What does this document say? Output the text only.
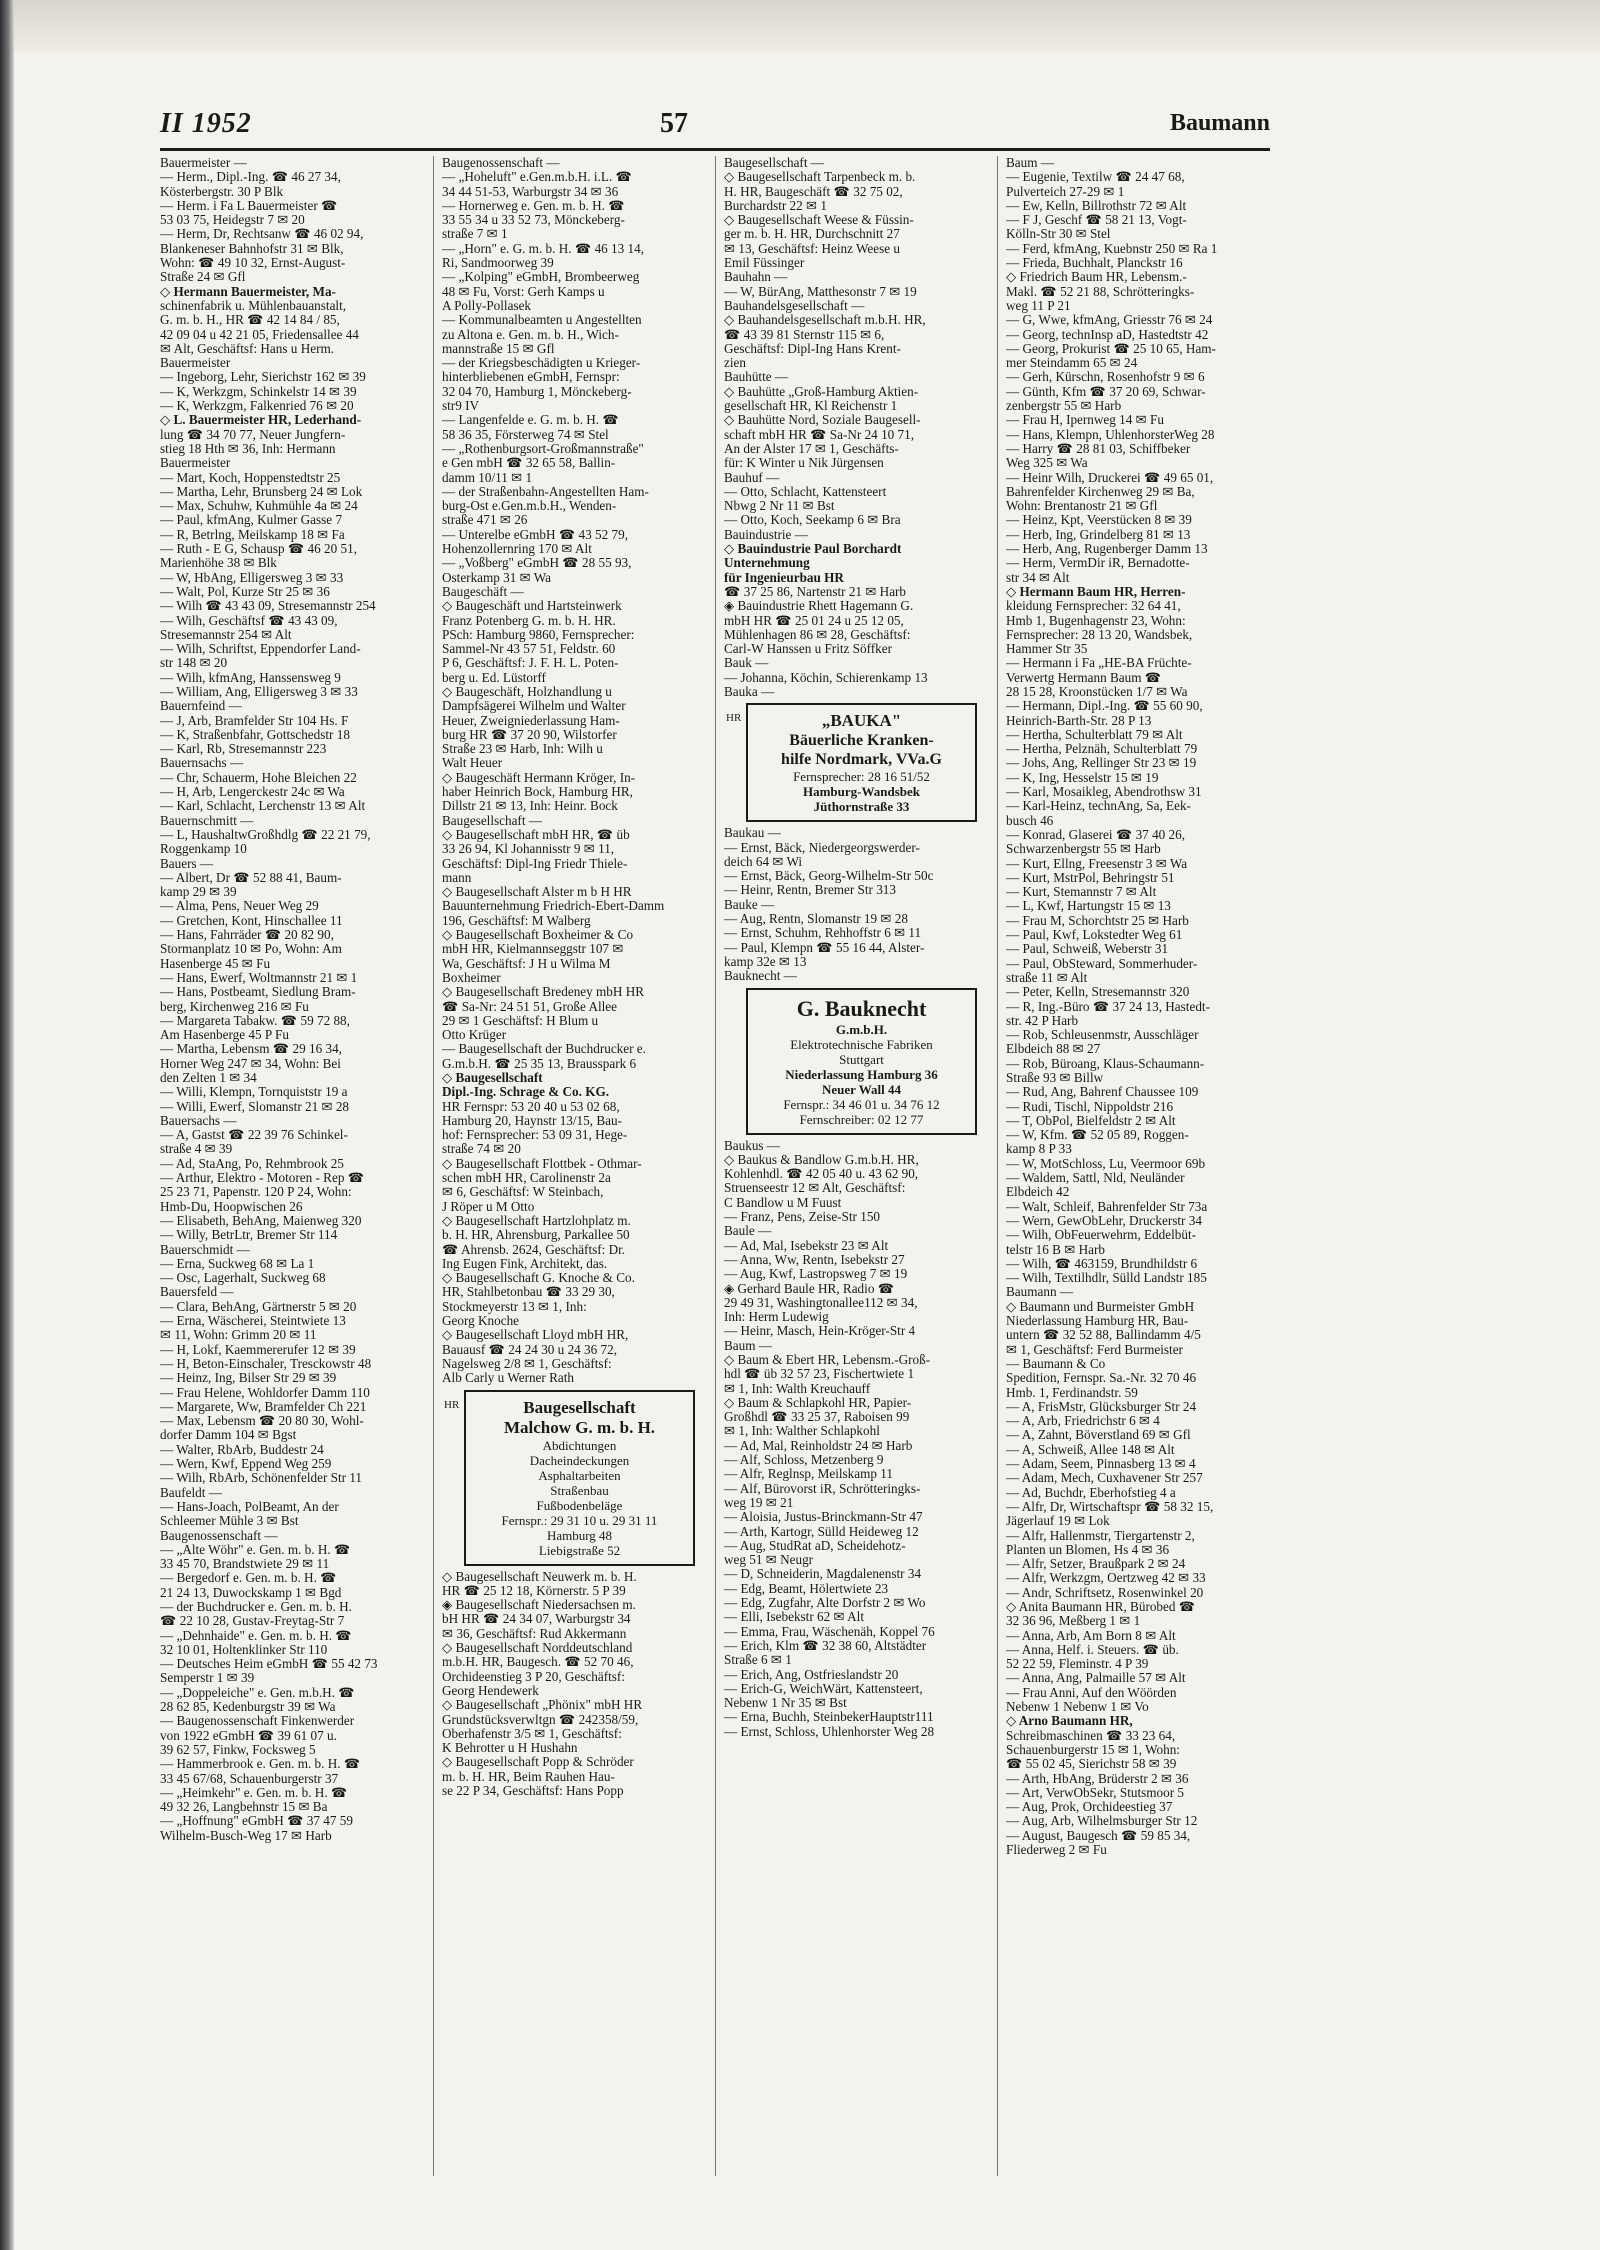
II 1952	57	Baumann
Bauermeister —
— Herm., Dipl.-Ing. ☎ 46 27 34,
Kösterbergstr. 30 P Blk
— Herm. i Fa L Bauermeister ☎
53 03 75, Heidegstr 7 ✉ 20
— Herm, Dr, Rechtsanw ☎ 46 02 94,
Blankeneser Bahnhofstr 31 ✉ Blk,
Wohn: ☎ 49 10 32, Ernst-August-
Straße 24 ✉ Gfl
◇ Hermann Bauermeister, Ma-
schinenfabrik u. Mühlenbauanstalt,
G. m. b. H., HR ☎ 42 14 84 / 85,
42 09 04 u 42 21 05, Friedensallee 44
✉ Alt, Geschäftsf: Hans u Herm.
Bauermeister
— Ingeborg, Lehr, Sierichstr 162 ✉ 39
— K, Werkzgm, Schinkelstr 14 ✉ 39
— K, Werkzgm, Falkenried 76 ✉ 20
◇ L. Bauermeister HR, Lederhand-
lung ☎ 34 70 77, Neuer Jungfern-
stieg 18 Hth ✉ 36, Inh: Hermann
Bauermeister
— Mart, Koch, Hoppenstedtstr 25
— Martha, Lehr, Brunsberg 24 ✉ Lok
— Max, Schuhw, Kuhmühle 4a ✉ 24
— Paul, kfmAng, Kulmer Gasse 7
— R, Betrlng, Meilskamp 18 ✉ Fa
— Ruth - E G, Schausp ☎ 46 20 51,
Marienhöhe 38 ✉ Blk
— W, HbAng, Elligersweg 3 ✉ 33
— Walt, Pol, Kurze Str 25 ✉ 36
— Wilh ☎ 43 43 09, Stresemannstr 254
— Wilh, Geschäftsf ☎ 43 43 09,
Stresemannstr 254 ✉ Alt
— Wilh, Schriftst, Eppendorfer Land-
str 148 ✉ 20
— Wilh, kfmAng, Hanssensweg 9
— William, Ang, Elligersweg 3 ✉ 33
Bauernfeind —
— J, Arb, Bramfelder Str 104 Hs. F
— K, Straßenbfahr, Gottschedstr 18
— Karl, Rb, Stresemannstr 223
Bauernsachs —
— Chr, Schauerm, Hohe Bleichen 22
— H, Arb, Lengerckestr 24c ✉ Wa
— Karl, Schlacht, Lerchenstr 13 ✉ Alt
Bauernschmitt —
— L, HaushaltwGroßhdlg ☎ 22 21 79,
Roggenkamp 10
Bauers —
— Albert, Dr ☎ 52 88 41, Baum-
kamp 29 ✉ 39
— Alma, Pens, Neuer Weg 29
— Gretchen, Kont, Hinschallee 11
— Hans, Fahrräder ☎ 20 82 90,
Stormanplatz 10 ✉ Po, Wohn: Am
Hasenberge 45 ✉ Fu
— Hans, Ewerf, Woltmannstr 21 ✉ 1
— Hans, Postbeamt, Siedlung Bram-
berg, Kirchenweg 216 ✉ Fu
— Margareta Tabakw. ☎ 59 72 88,
Am Hasenberge 45 P Fu
— Martha, Lebensm ☎ 29 16 34,
Horner Weg 247 ✉ 34, Wohn: Bei
den Zelten 1 ✉ 34
— Willi, Klempn, Tornquiststr 19 a
— Willi, Ewerf, Slomanstr 21 ✉ 28
Bauersachs —
— A, Gastst ☎ 22 39 76 Schinkel-
straße 4 ✉ 39
— Ad, StaAng, Po, Rehmbrook 25
— Arthur, Elektro - Motoren - Rep ☎
25 23 71, Papenstr. 120 P 24, Wohn:
Hmb-Du, Hoopwischen 26
— Elisabeth, BehAng, Maienweg 320
— Willy, BetrLtr, Bremer Str 114
Bauerschmidt —
— Erna, Suckweg 68 ✉ La 1
— Osc, Lagerhalt, Suckweg 68
Bauersfeld —
— Clara, BehAng, Gärtnerstr 5 ✉ 20
— Erna, Wäscherei, Steintwiete 13
✉ 11, Wohn: Grimm 20 ✉ 11
— H, Lokf, Kaemmererufer 12 ✉ 39
— H, Beton-Einschaler, Tresckowstr 48
— Heinz, Ing, Bilser Str 29 ✉ 39
— Frau Helene, Wohldorfer Damm 110
— Margarete, Ww, Bramfelder Ch 221
— Max, Lebensm ☎ 20 80 30, Wohl-
dorfer Damm 104 ✉ Bgst
— Walter, RbArb, Buddestr 24
— Wern, Kwf, Eppend Weg 259
— Wilh, RbArb, Schönenfelder Str 11
Baufeldt —
— Hans-Joach, PolBeamt, An der
Schleemer Mühle 3 ✉ Bst
Baugenossenschaft —
— „Alte Wöhr" e. Gen. m. b. H. ☎
33 45 70, Brandstwiete 29 ✉ 11
— Bergedorf e. Gen. m. b. H. ☎
21 24 13, Duwockskamp 1 ✉ Bgd
— der Buchdrucker e. Gen. m. b. H.
☎ 22 10 28, Gustav-Freytag-Str 7
— „Dehnhaide" e. Gen. m. b. H. ☎
32 10 01, Holtenklinker Str 110
— Deutsches Heim eGmbH ☎ 55 42 73
Semperstr 1 ✉ 39
— „Doppeleiche" e. Gen. m.b.H. ☎
28 62 85, Kedenburgstr 39 ✉ Wa
— Baugenossenschaft Finkenwerder
von 1922 eGmbH ☎ 39 61 07 u.
39 62 57, Finkw, Focksweg 5
— Hammerbrook e. Gen. m. b. H. ☎
33 45 67/68, Schauenburgerstr 37
— „Heimkehr" e. Gen. m. b. H. ☎
49 32 26, Langbehnstr 15 ✉ Ba
— „Hoffnung" eGmbH ☎ 37 47 59
Wilhelm-Busch-Weg 17 ✉ Harb
Baugenossenschaft —
— „Hoheluft" e.Gen.m.b.H. i.L. ☎
34 44 51-53, Warburgstr 34 ✉ 36
— Hornerweg e. Gen. m. b. H. ☎
33 55 34 u 33 52 73, Mönckeberg-
straße 7 ✉ 1
— „Horn" e. G. m. b. H. ☎ 46 13 14,
Ri, Sandmoorweg 39
— „Kolping" eGmbH, Brombeerweg
48 ✉ Fu, Vorst: Gerh Kamps u
A Polly-Pollasek
— Kommunalbeamten u Angestellten
zu Altona e. Gen. m. b. H., Wich-
mannstraße 15 ✉ Gfl
— der Kriegsbeschädigten u Krieger-
hinterbliebenen eGmbH, Fernspr:
32 04 70, Hamburg 1, Mönckeberg-
str9 IV
— Langenfelde e. G. m. b. H. ☎
58 36 35, Försterweg 74 ✉ Stel
— „Rothenburgsort-Großmannstraße"
e Gen mbH ☎ 32 65 58, Ballin-
damm 10/11 ✉ 1
— der Straßenbahn-Angestellten Ham-
burg-Ost e.Gen.m.b.H., Wenden-
straße 471 ✉ 26
— Unterelbe eGmbH ☎ 43 52 79,
Hohenzollernring 170 ✉ Alt
— „Voßberg" eGmbH ☎ 28 55 93,
Osterkamp 31 ✉ Wa
Baugeschäft —
◇ Baugeschäft und Hartsteinwerk
Franz Potenberg G. m. b. H. HR.
PSch: Hamburg 9860, Fernsprecher:
Sammel-Nr 43 57 51, Feldstr. 60
P 6, Geschäftsf: J. F. H. L. Poten-
berg u. Ed. Lüstorff
◇ Baugeschäft, Holzhandlung u
Dampfsägerei Wilhelm und Walter
Heuer, Zweigniederlassung Ham-
burg HR ☎ 37 20 90, Wilstorfer
Straße 23 ✉ Harb, Inh: Wilh u
Walt Heuer
◇ Baugeschäft Hermann Kröger, In-
haber Heinrich Bock, Hamburg HR,
Dillstr 21 ✉ 13, Inh: Heinr. Bock
Baugesellschaft —
◇ Baugesellschaft mbH HR, ☎ üb
33 26 94, Kl Johannisstr 9 ✉ 11,
Geschäftsf: Dipl-Ing Friedr Thiele-
mann
◇ Baugesellschaft Alster m b H HR
Bauunternehmung Friedrich-Ebert-Damm
196, Geschäftsf: M Walberg
◇ Baugesellschaft Boxheimer & Co
mbH HR, Kielmannseggstr 107 ✉
Wa, Geschäftsf: J H u Wilma M
Boxheimer
◇ Baugesellschaft Bredeney mbH HR
☎ Sa-Nr: 24 51 51, Große Allee
29 ✉ 1 Geschäftsf: H Blum u
Otto Krüger
— Baugesellschaft der Buchdrucker e.
G.m.b.H. ☎ 25 35 13, Brausspark 6
◇ Baugesellschaft
Dipl.-Ing. Schrage & Co. KG.
HR Fernspr: 53 20 40 u 53 02 68,
Hamburg 20, Haynstr 13/15, Bau-
hof: Fernsprecher: 53 09 31, Hege-
straße 74 ✉ 20
◇ Baugesellschaft Flottbek - Othmar-
schen mbH HR, Carolinenstr 2a
✉ 6, Geschäftsf: W Steinbach,
J Röper u M Otto
◇ Baugesellschaft Hartzlohplatz m.
b. H. HR, Ahrensburg, Parkallee 50
☎ Ahrensb. 2624, Geschäftsf: Dr.
Ing Eugen Fink, Architekt, das.
◇ Baugesellschaft G. Knoche & Co.
HR, Stahlbetonbau ☎ 33 29 30,
Stockmeyerstr 13 ✉ 1, Inh:
Georg Knoche
◇ Baugesellschaft Lloyd mbH HR,
Bauausf ☎ 24 24 30 u 24 36 72,
Nagelsweg 2/8 ✉ 1, Geschäftsf:
Alb Carly u Werner Rath
HR	Baugesellschaft
Malchow G. m. b. H.
Abdichtungen
Dacheindeckungen
Asphaltarbeiten
Straßenbau
Fußbodenbeläge
Fernspr.: 29 31 10 u. 29 31 11
Hamburg 48
Liebigstraße 52
◇ Baugesellschaft Neuwerk m. b. H.
HR ☎ 25 12 18, Körnerstr. 5 P 39
◈ Baugesellschaft Niedersachsen m.
bH HR ☎ 24 34 07, Warburgstr 34
✉ 36, Geschäftsf: Rud Akkermann
◇ Baugesellschaft Norddeutschland
m.b.H. HR, Baugesch. ☎ 52 70 46,
Orchideenstieg 3 P 20, Geschäftsf:
Georg Hendewerk
◇ Baugesellschaft „Phönix" mbH HR
Grundstücksverwltgn ☎ 242358/59,
Oberhafenstr 3/5 ✉ 1, Geschäftsf:
K Behrotter u H Hushahn
◇ Baugesellschaft Popp & Schröder
m. b. H. HR, Beim Rauhen Hau-
se 22 P 34, Geschäftsf: Hans Popp
Baugesellschaft —
◇ Baugesellschaft Tarpenbeck m. b.
H. HR, Baugeschäft ☎ 32 75 02,
Burchardstr 22 ✉ 1
◇ Baugesellschaft Weese & Füssin-
ger m. b. H. HR, Durchschnitt 27
✉ 13, Geschäftsf: Heinz Weese u
Emil Füssinger
Bauhahn —
— W, BürAng, Matthesonstr 7 ✉ 19
Bauhandelsgesellschaft —
◇ Bauhandelsgesellschaft m.b.H. HR,
☎ 43 39 81 Sternstr 115 ✉ 6,
Geschäftsf: Dipl-Ing Hans Krent-
zien
Bauhütte —
◇ Bauhütte „Groß-Hamburg Aktien-
gesellschaft HR, Kl Reichenstr 1
◇ Bauhütte Nord, Soziale Baugesell-
schaft mbH HR ☎ Sa-Nr 24 10 71,
An der Alster 17 ✉ 1, Geschäfts-
für: K Winter u Nik Jürgensen
Bauhuf —
— Otto, Schlacht, Kattensteert
Nbwg 2 Nr 11 ✉ Bst
— Otto, Koch, Seekamp 6 ✉ Bra
Bauindustrie —
◇ Bauindustrie Paul Borchardt
Unternehmung
für Ingenieurbau HR
☎ 37 25 86, Nartenstr 21 ✉ Harb
◈ Bauindustrie Rhett Hagemann G.
mbH HR ☎ 25 01 24 u 25 12 05,
Mühlenhagen 86 ✉ 28, Geschäftsf:
Carl-W Hanssen u Fritz Söffker
Bauk —
— Johanna, Köchin, Schierenkamp 13
Bauka —
HR	„BAUKA"
Bäuerliche Kranken-
hilfe Nordmark, VVa.G
Fernsprecher: 28 16 51/52
Hamburg-Wandsbek
Jüthornstraße 33
Baukau —
— Ernst, Bäck, Niedergeorgswerder-
deich 64 ✉ Wi
— Ernst, Bäck, Georg-Wilhelm-Str 50c
— Heinr, Rentn, Bremer Str 313
Bauke —
— Aug, Rentn, Slomanstr 19 ✉ 28
— Ernst, Schuhm, Rehhoffstr 6 ✉ 11
— Paul, Klempn ☎ 55 16 44, Alster-
kamp 32e ✉ 13
Bauknecht —
G. Bauknecht
G.m.b.H.
Elektrotechnische Fabriken
Stuttgart
Niederlassung Hamburg 36
Neuer Wall 44
Fernspr.: 34 46 01 u. 34 76 12
Fernschreiber: 02 12 77
Baukus —
◇ Baukus & Bandlow G.m.b.H. HR,
Kohlenhdl. ☎ 42 05 40 u. 43 62 90,
Struenseestr 12 ✉ Alt, Geschäftsf:
C Bandlow u M Fuust
— Franz, Pens, Zeise-Str 150
Baule —
— Ad, Mal, Isebekstr 23 ✉ Alt
— Anna, Ww, Rentn, Isebekstr 27
— Aug, Kwf, Lastropsweg 7 ✉ 19
◈ Gerhard Baule HR, Radio ☎
29 49 31, Washingtonallee112 ✉ 34,
Inh: Herm Ludewig
— Heinr, Masch, Hein-Kröger-Str 4
Baum —
◇ Baum & Ebert HR, Lebensm.-Groß-
hdl ☎ üb 32 57 23, Fischertwiete 1
✉ 1, Inh: Walth Kreuchauff
◇ Baum & Schlapkohl HR, Papier-
Großhdl ☎ 33 25 37, Raboisen 99
✉ 1, Inh: Walther Schlapkohl
— Ad, Mal, Reinholdstr 24 ✉ Harb
— Alf, Schloss, Metzenberg 9
— Alfr, Reglnsp, Meilskamp 11
— Alf, Bürovorst iR, Schrötteringks-
weg 19 ✉ 21
— Aloisia, Justus-Brinckmann-Str 47
— Arth, Kartogr, Sülld Heideweg 12
— Aug, StudRat aD, Scheidehotz-
weg 51 ✉ Neugr
— D, Schneiderin, Magdalenenstr 34
— Edg, Beamt, Hölertwiete 23
— Edg, Zugfahr, Alte Dorfstr 2 ✉ Wo
— Elli, Isebekstr 62 ✉ Alt
— Emma, Frau, Wäschenäh, Koppel 76
— Erich, Klm ☎ 32 38 60, Altstädter
Straße 6 ✉ 1
— Erich, Ang, Ostfrieslandstr 20
— Erich-G, WeichWärt, Kattensteert,
Nebenw 1 Nr 35 ✉ Bst
— Erna, Buchh, SteinbekerHauptstr111
— Ernst, Schloss, Uhlenhorster Weg 28
Baum —
— Eugenie, Textilw ☎ 24 47 68,
Pulverteich 27-29 ✉ 1
— Ew, Kelln, Billrothstr 72 ✉ Alt
— F J, Geschf ☎ 58 21 13, Vogt-
Kölln-Str 30 ✉ Stel
— Ferd, kfmAng, Kuebnstr 250 ✉ Ra 1
— Frieda, Buchhalt, Planckstr 16
◇ Friedrich Baum HR, Lebensm.-
Makl. ☎ 52 21 88, Schrötteringks-
weg 11 P 21
— G, Wwe, kfmAng, Griesstr 76 ✉ 24
— Georg, technInsp aD, Hastedtstr 42
— Georg, Prokurist ☎ 25 10 65, Ham-
mer Steindamm 65 ✉ 24
— Gerh, Kürschn, Rosenhofstr 9 ✉ 6
— Günth, Kfm ☎ 37 20 69, Schwar-
zenbergstr 55 ✉ Harb
— Frau H, Ipernweg 14 ✉ Fu
— Hans, Klempn, UhlenhorsterWeg 28
— Harry ☎ 28 81 03, Schiffbeker
Weg 325 ✉ Wa
— Heinr Wilh, Druckerei ☎ 49 65 01,
Bahrenfelder Kirchenweg 29 ✉ Ba,
Wohn: Brentanostr 21 ✉ Gfl
— Heinz, Kpt, Veerstücken 8 ✉ 39
— Herb, Ing, Grindelberg 81 ✉ 13
— Herb, Ang, Rugenberger Damm 13
— Herm, VermDir iR, Bernadotte-
str 34 ✉ Alt
◇ Hermann Baum HR, Herren-
kleidung Fernsprecher: 32 64 41,
Hmb 1, Bugenhagenstr 23, Wohn:
Fernsprecher: 28 13 20, Wandsbek,
Hammer Str 35
— Hermann i Fa „HE-BA Früchte-
Verwertg Hermann Baum ☎
28 15 28, Kroonstücken 1/7 ✉ Wa
— Hermann, Dipl.-Ing. ☎ 55 60 90,
Heinrich-Barth-Str. 28 P 13
— Hertha, Schulterblatt 79 ✉ Alt
— Hertha, Pelznäh, Schulterblatt 79
— Johs, Ang, Rellinger Str 23 ✉ 19
— K, Ing, Hesselstr 15 ✉ 19
— Karl, Mosaikleg, Abendrothsw 31
— Karl-Heinz, technAng, Sa, Eek-
busch 46
— Konrad, Glaserei ☎ 37 40 26,
Schwarzenbergstr 55 ✉ Harb
— Kurt, Ellng, Freesenstr 3 ✉ Wa
— Kurt, MstrPol, Behringstr 51
— Kurt, Stemannstr 7 ✉ Alt
— L, Kwf, Hartungstr 15 ✉ 13
— Frau M, Schorchtstr 25 ✉ Harb
— Paul, Kwf, Lokstedter Weg 61
— Paul, Schweiß, Weberstr 31
— Paul, ObSteward, Sommerhuder-
straße 11 ✉ Alt
— Peter, Kelln, Stresemannstr 320
— R, Ing.-Büro ☎ 37 24 13, Hastedt-
str. 42 P Harb
— Rob, Schleusenmstr, Ausschläger
Elbdeich 88 ✉ 27
— Rob, Büroang, Klaus-Schaumann-
Straße 93 ✉ Billw
— Rud, Ang, Bahrenf Chaussee 109
— Rudi, Tischl, Nippoldstr 216
— T, ObPol, Bielfeldstr 2 ✉ Alt
— W, Kfm. ☎ 52 05 89, Roggen-
kamp 8 P 33
— W, MotSchloss, Lu, Veermoor 69b
— Waldem, Sattl, Nld, Neuländer
Elbdeich 42
— Walt, Schleif, Bahrenfelder Str 73a
— Wern, GewObLehr, Druckerstr 34
— Wilh, ObFeuerwehrm, Eddelbüt-
telstr 16 B ✉ Harb
— Wilh, ☎ 463159, Brundhildstr 6
— Wilh, Textilhdlr, Sülld Landstr 185
Baumann —
◇ Baumann und Burmeister GmbH
Niederlassung Hamburg HR, Bau-
untern ☎ 32 52 88, Ballindamm 4/5
✉ 1, Geschäftsf: Ferd Burmeister
— Baumann & Co
Spedition, Fernspr. Sa.-Nr. 32 70 46
Hmb. 1, Ferdinandstr. 59
— A, FrisMstr, Glücksburger Str 24
— A, Arb, Friedrichstr 6 ✉ 4
— A, Zahnt, Böverstland 69 ✉ Gfl
— A, Schweiß, Allee 148 ✉ Alt
— Adam, Seem, Pinnasberg 13 ✉ 4
— Adam, Mech, Cuxhavener Str 257
— Ad, Buchdr, Eberhofstieg 4 a
— Alfr, Dr, Wirtschaftspr ☎ 58 32 15,
Jägerlauf 19 ✉ Lok
— Alfr, Hallenmstr, Tiergartenstr 2,
Planten un Blomen, Hs 4 ✉ 36
— Alfr, Setzer, Braußpark 2 ✉ 24
— Alfr, Werkzgm, Oertzweg 42 ✉ 33
— Andr, Schriftsetz, Rosenwinkel 20
◇ Anita Baumann HR, Bürobed ☎
32 36 96, Meßberg 1 ✉ 1
— Anna, Arb, Am Born 8 ✉ Alt
— Anna, Helf. i. Steuers. ☎ üb.
52 22 59, Fleminstr. 4 P 39
— Anna, Ang, Palmaille 57 ✉ Alt
— Frau Anni, Auf den Wöörden
Nebenw 1 Nebenw 1 ✉ Vo
◇ Arno Baumann HR,
Schreibmaschinen ☎ 33 23 64,
Schauenburgerstr 15 ✉ 1, Wohn:
☎ 55 02 45, Sierichstr 58 ✉ 39
— Arth, HbAng, Brüderstr 2 ✉ 36
— Art, VerwObSekr, Stutsmoor 5
— Aug, Prok, Orchideestieg 37
— Aug, Arb, Wilhelmsburger Str 12
— August, Baugesch ☎ 59 85 34,
Fliederweg 2 ✉ Fu
